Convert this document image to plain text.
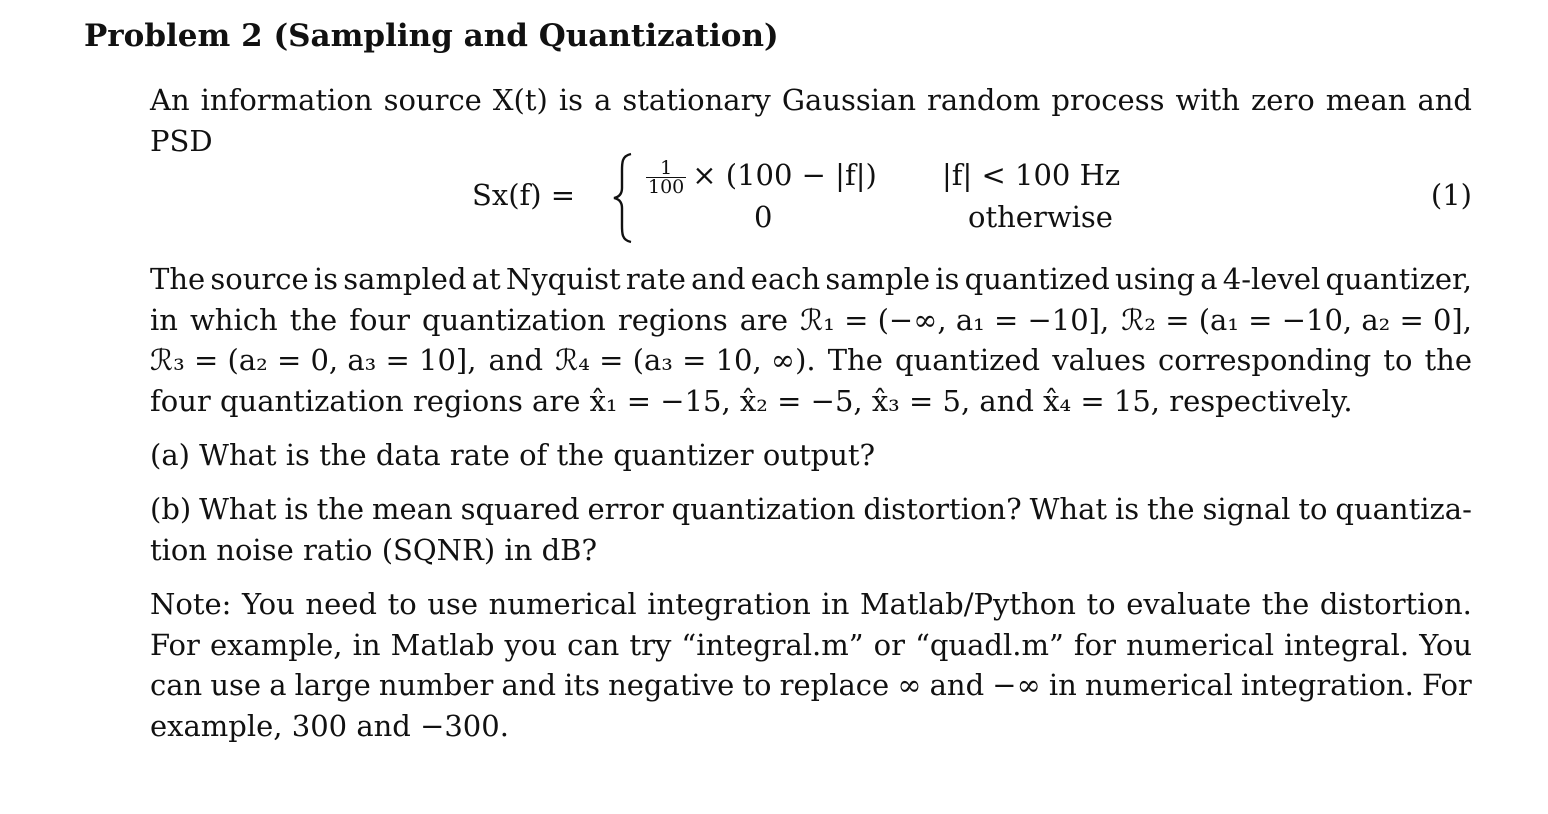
Problem 2 (Sampling and Quantization)
An information source X(t) is a stationary Gaussian random process with zero mean and
PSD
Sx(f) =	$\frac{1}{100} \times (100 - |f|) |f| < 100$ Hz
0	otherwise
(1)
The source is sampled at Nyquist rate and each sample is quantized using a 4-level quantizer,
in which the four quantization regions are ℛ₁ = (−∞, a₁ = −10], ℛ₂ = (a₁ = −10, a₂ = 0],
ℛ₃ = (a₂ = 0, a₃ = 10], and ℛ₄ = (a₃ = 10, ∞). The quantized values corresponding to the
four quantization regions are x̂₁ = −15, x̂₂ = −5, x̂₃ = 5, and x̂₄ = 15, respectively.
(a) What is the data rate of the quantizer output?
(b) What is the mean squared error quantization distortion? What is the signal to quantiza-
tion noise ratio (SQNR) in dB?
Note: You need to use numerical integration in Matlab/Python to evaluate the distortion.
For example, in Matlab you can try “integral.m” or “quadl.m” for numerical integral. You
can use a large number and its negative to replace ∞ and −∞ in numerical integration. For
example, 300 and −300.
